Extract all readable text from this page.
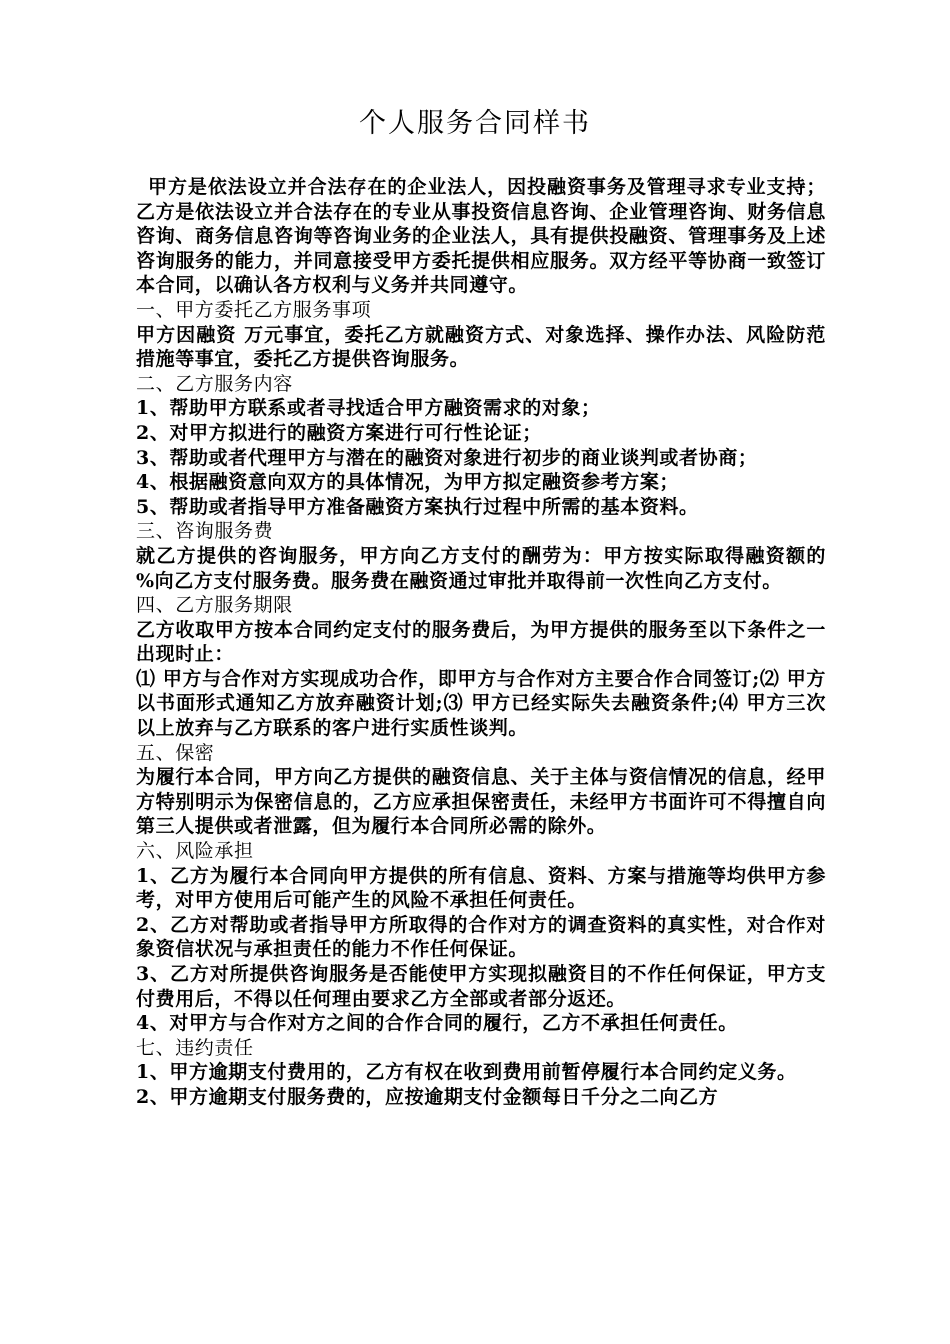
个人服务合同样书

甲方是依法设立并合法存在的企业法人，因投融资事务及管理寻求专业支持；乙方是依法设立并合法存在的专业从事投资信息咨询、企业管理咨询、财务信息咨询、商务信息咨询等咨询业务的企业法人，具有提供投融资、管理事务及上述咨询服务的能力，并同意接受甲方委托提供相应服务。双方经平等协商一致签订本合同，以确认各方权利与义务并共同遵守。

一、甲方委托乙方服务事项

甲方因融资 万元事宜，委托乙方就融资方式、对象选择、操作办法、风险防范措施等事宜，委托乙方提供咨询服务。

二、乙方服务内容

1、帮助甲方联系或者寻找适合甲方融资需求的对象；

2、对甲方拟进行的融资方案进行可行性论证；

3、帮助或者代理甲方与潜在的融资对象进行初步的商业谈判或者协商；

4、根据融资意向双方的具体情况，为甲方拟定融资参考方案；

5、帮助或者指导甲方准备融资方案执行过程中所需的基本资料。

三、咨询服务费

就乙方提供的咨询服务，甲方向乙方支付的酬劳为：甲方按实际取得融资额的 %向乙方支付服务费。服务费在融资通过审批并取得前一次性向乙方支付。

四、乙方服务期限

乙方收取甲方按本合同约定支付的服务费后，为甲方提供的服务至以下条件之一出现时止：

⑴ 甲方与合作对方实现成功合作，即甲方与合作对方主要合作合同签订;⑵ 甲方以书面形式通知乙方放弃融资计划;⑶ 甲方已经实际失去融资条件;⑷ 甲方三次以上放弃与乙方联系的客户进行实质性谈判。

五、保密

为履行本合同，甲方向乙方提供的融资信息、关于主体与资信情况的信息，经甲方特别明示为保密信息的，乙方应承担保密责任，未经甲方书面许可不得擅自向第三人提供或者泄露，但为履行本合同所必需的除外。

六、风险承担

1、乙方为履行本合同向甲方提供的所有信息、资料、方案与措施等均供甲方参考，对甲方使用后可能产生的风险不承担任何责任。

2、乙方对帮助或者指导甲方所取得的合作对方的调查资料的真实性，对合作对象资信状况与承担责任的能力不作任何保证。

3、乙方对所提供咨询服务是否能使甲方实现拟融资目的不作任何保证，甲方支付费用后，不得以任何理由要求乙方全部或者部分返还。

4、对甲方与合作对方之间的合作合同的履行，乙方不承担任何责任。

七、违约责任

1、甲方逾期支付费用的，乙方有权在收到费用前暂停履行本合同约定义务。

2、甲方逾期支付服务费的，应按逾期支付金额每日千分之二向乙方
